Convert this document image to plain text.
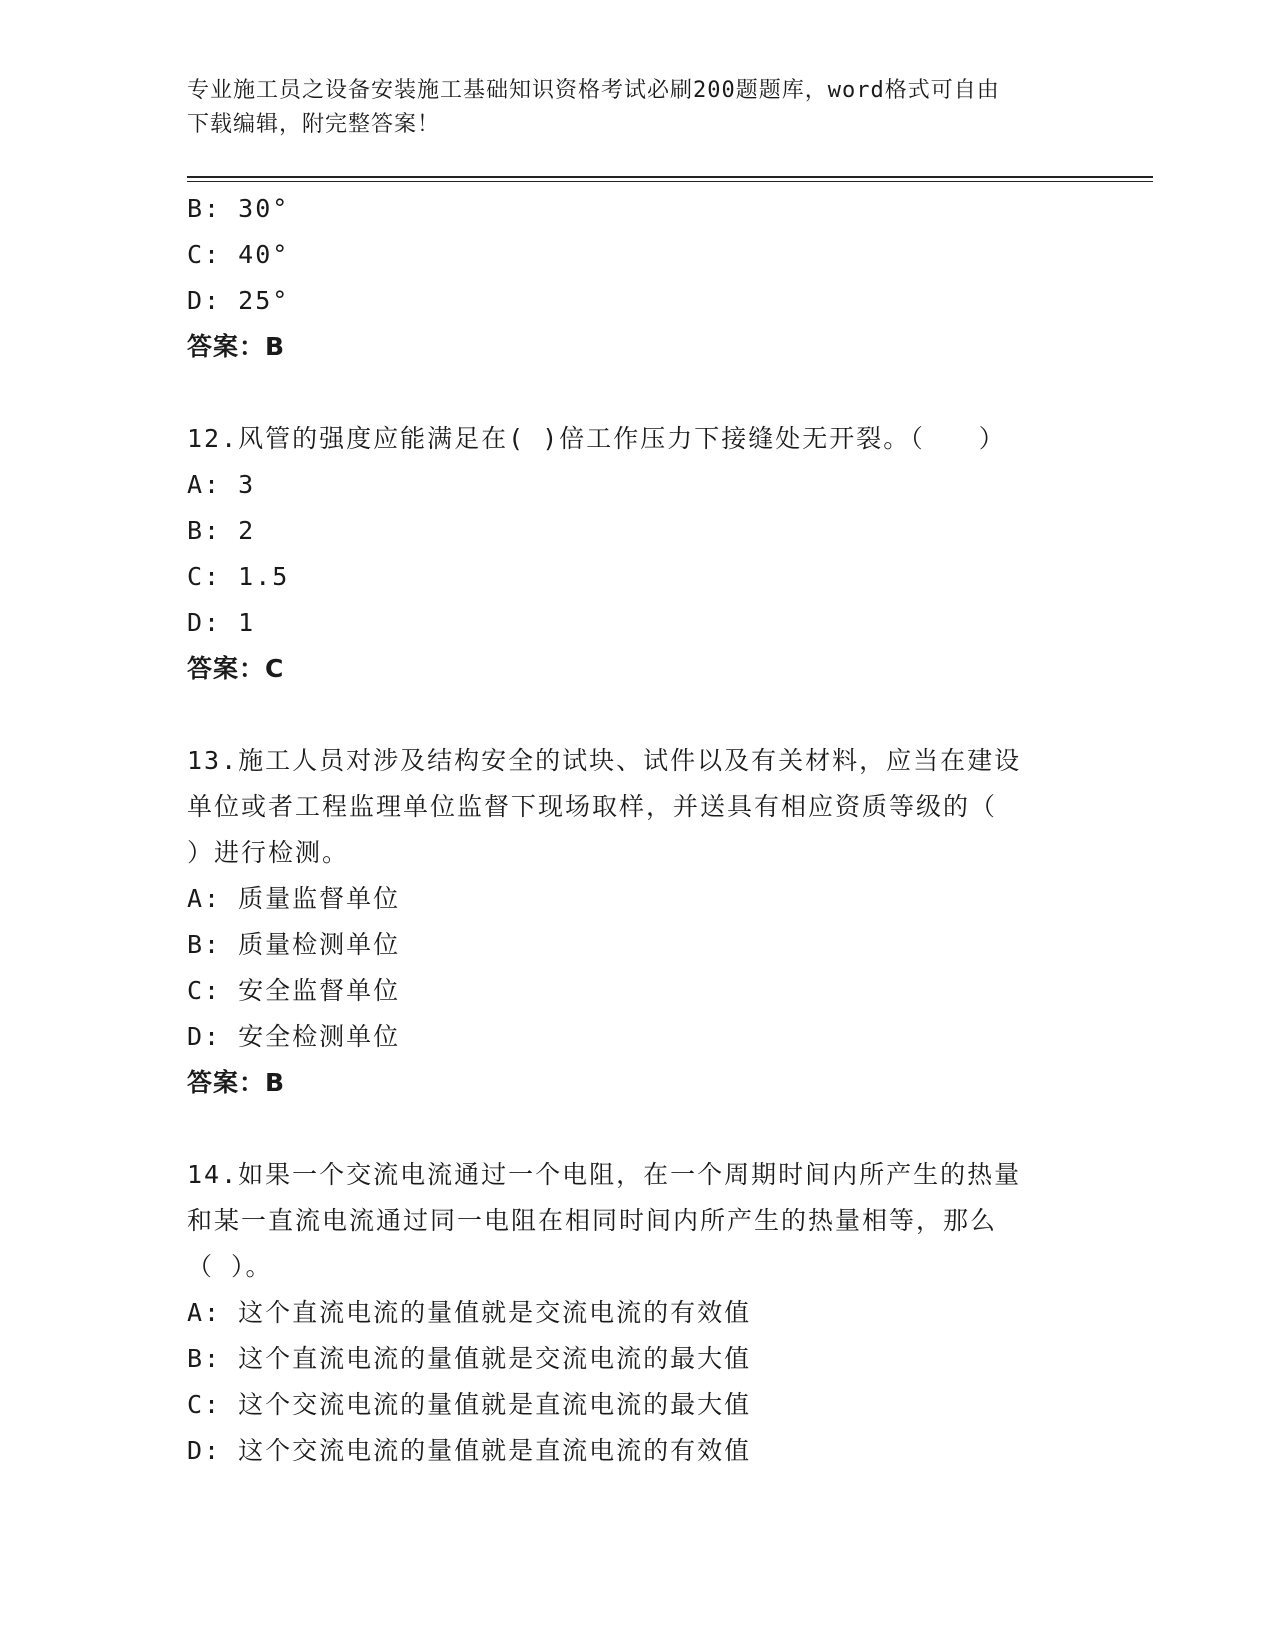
专业施工员之设备安装施工基础知识资格考试必刷200题题库，word格式可自由
下载编辑，附完整答案！

B: 30°

C: 40°

D: 25°

答案：B

12.风管的强度应能满足在( )倍工作压力下接缝处无开裂。（　　）

A: 3

B: 2

C: 1.5

D: 1

答案：C

13.施工人员对涉及结构安全的试块、试件以及有关材料，应当在建设

单位或者工程监理单位监督下现场取样，并送具有相应资质等级的（

）进行检测。

A: 质量监督单位

B: 质量检测单位

C: 安全监督单位

D: 安全检测单位

答案：B

14.如果一个交流电流通过一个电阻，在一个周期时间内所产生的热量

和某一直流电流通过同一电阻在相同时间内所产生的热量相等，那么

（ ）。

A: 这个直流电流的量值就是交流电流的有效值

B: 这个直流电流的量值就是交流电流的最大值

C: 这个交流电流的量值就是直流电流的最大值

D: 这个交流电流的量值就是直流电流的有效值
